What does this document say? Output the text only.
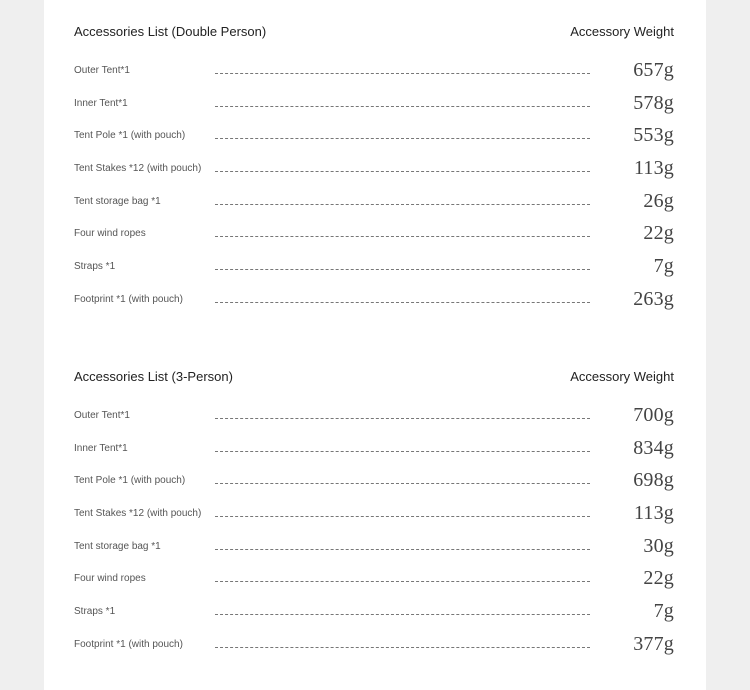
Accessories List (Double Person)	Accessory Weight
Outer Tent*1	657g
Inner Tent*1	578g
Tent Pole *1 (with pouch)	553g
Tent Stakes *12 (with pouch)	113g
Tent storage bag *1	26g
Four wind ropes	22g
Straps *1	7g
Footprint *1 (with pouch)	263g
Accessories List (3-Person)	Accessory Weight
Outer Tent*1	700g
Inner Tent*1	834g
Tent Pole *1 (with pouch)	698g
Tent Stakes *12 (with pouch)	113g
Tent storage bag *1	30g
Four wind ropes	22g
Straps *1	7g
Footprint *1 (with pouch)	377g
